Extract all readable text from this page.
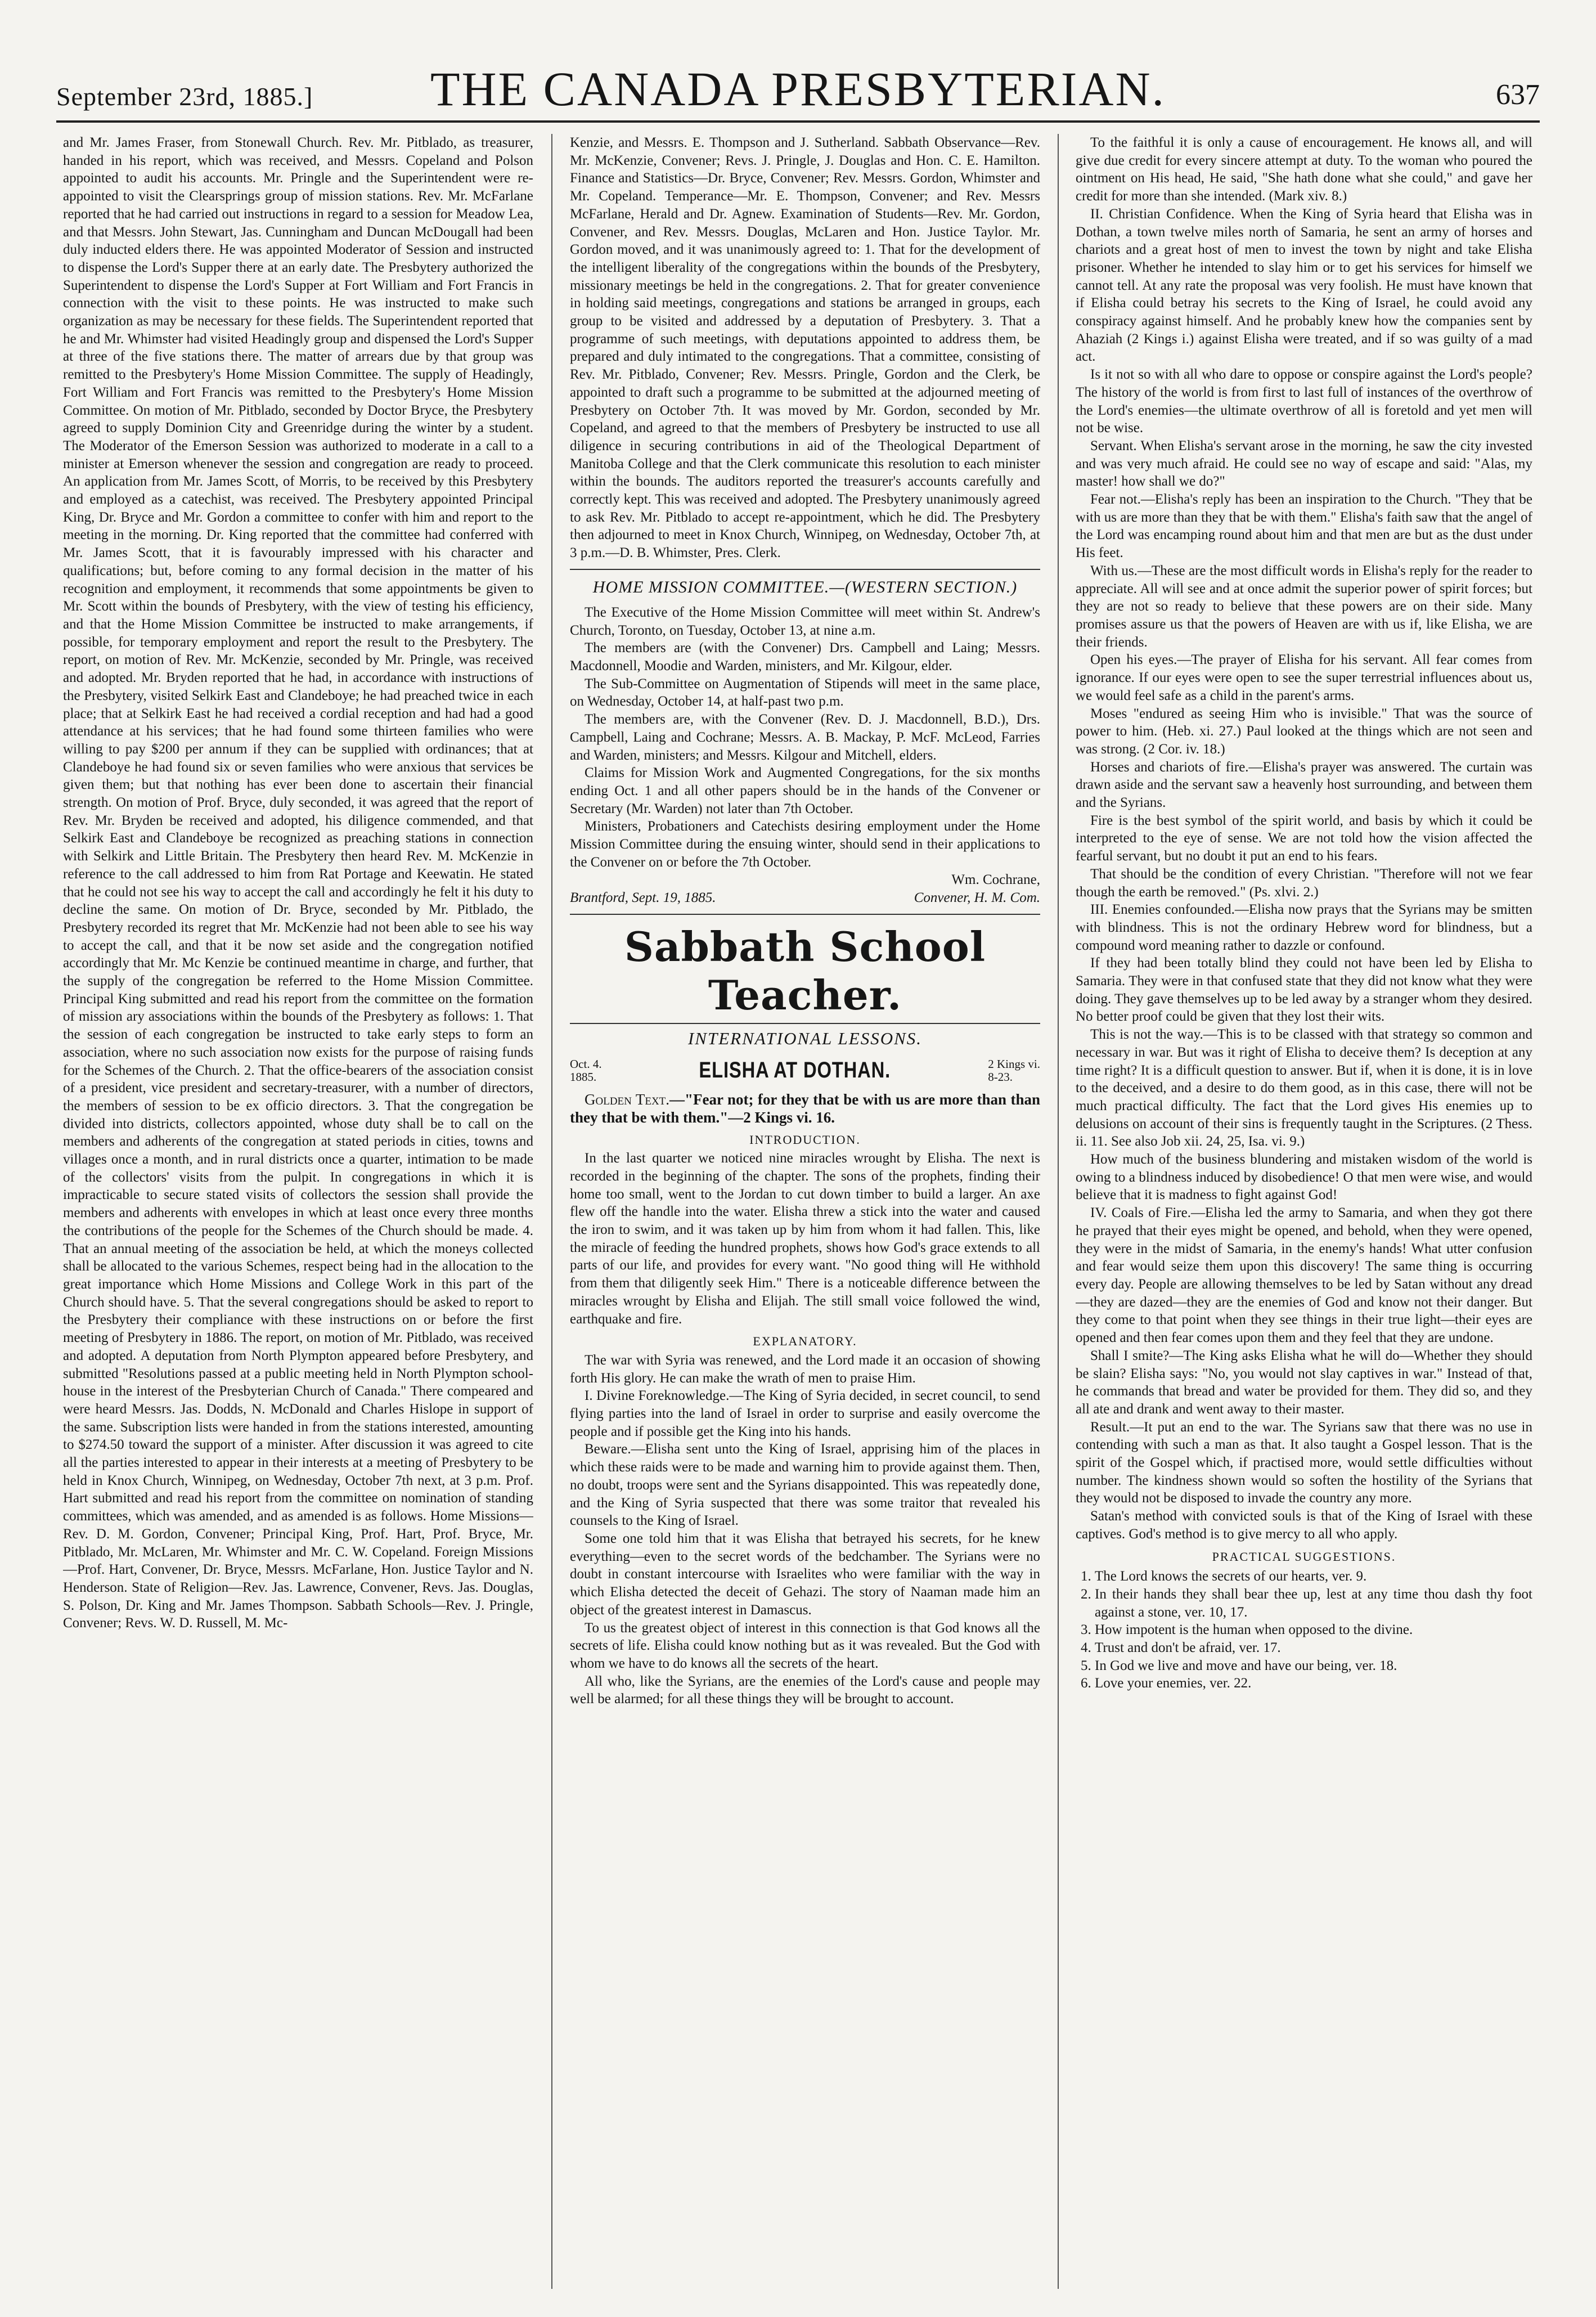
September 23rd, 1885.]	THE CANADA PRESBYTERIAN.	637

and Mr. James Fraser, from Stonewall Church. Rev. Mr. Pitblado, as treasurer, handed in his report, which was received, and Messrs. Copeland and Polson appointed to audit his accounts. Mr. Pringle and the Superintendent were re-appointed to visit the Clearsprings group of mission stations. Rev. Mr. McFarlane reported that he had carried out instructions in regard to a session for Meadow Lea, and that Messrs. John Stewart, Jas. Cunningham and Duncan McDougall had been duly inducted elders there. He was appointed Moderator of Session and instructed to dispense the Lord's Supper there at an early date. The Presbytery authorized the Superintendent to dispense the Lord's Supper at Fort William and Fort Francis in connection with the visit to these points. He was instructed to make such organization as may be necessary for these fields. The Superintendent reported that he and Mr. Whimster had visited Headingly group and dispensed the Lord's Supper at three of the five stations there. The matter of arrears due by that group was remitted to the Presbytery's Home Mission Committee. The supply of Headingly, Fort William and Fort Francis was remitted to the Presbytery's Home Mission Committee. On motion of Mr. Pitblado, seconded by Doctor Bryce, the Presbytery agreed to supply Dominion City and Greenridge during the winter by a student. The Moderator of the Emerson Session was authorized to moderate in a call to a minister at Emerson whenever the session and congregation are ready to proceed. An application from Mr. James Scott, of Morris, to be received by this Presbytery and employed as a catechist, was received. The Presbytery appointed Principal King, Dr. Bryce and Mr. Gordon a committee to confer with him and report to the meeting in the morning. Dr. King reported that the committee had conferred with Mr. James Scott, that it is favourably impressed with his character and qualifications; but, before coming to any formal decision in the matter of his recognition and employment, it recommends that some appointments be given to Mr. Scott within the bounds of Presbytery, with the view of testing his efficiency, and that the Home Mission Committee be instructed to make arrangements, if possible, for temporary employment and report the result to the Presbytery. The report, on motion of Rev. Mr. McKenzie, seconded by Mr. Pringle, was received and adopted. Mr. Bryden reported that he had, in accordance with instructions of the Presbytery, visited Selkirk East and Clandeboye; he had preached twice in each place; that at Selkirk East he had received a cordial reception and had had a good attendance at his services; that he had found some thirteen families who were willing to pay $200 per annum if they can be supplied with ordinances; that at Clandeboye he had found six or seven families who were anxious that services be given them; but that nothing has ever been done to ascertain their financial strength. On motion of Prof. Bryce, duly seconded, it was agreed that the report of Rev. Mr. Bryden be received and adopted, his diligence commended, and that Selkirk East and Clandeboye be recognized as preaching stations in connection with Selkirk and Little Britain. The Presbytery then heard Rev. M. McKenzie in reference to the call addressed to him from Rat Portage and Keewatin. He stated that he could not see his way to accept the call and accordingly he felt it his duty to decline the same. On motion of Dr. Bryce, seconded by Mr. Pitblado, the Presbytery recorded its regret that Mr. McKenzie had not been able to see his way to accept the call, and that it be now set aside and the congregation notified accordingly that Mr. Mc Kenzie be continued meantime in charge, and further, that the supply of the congregation be referred to the Home Mission Committee. Principal King submitted and read his report from the committee on the formation of mission ary associations within the bounds of the Presbytery as follows: 1. That the session of each congregation be instructed to take early steps to form an association, where no such association now exists for the purpose of raising funds for the Schemes of the Church. 2. That the office-bearers of the association consist of a president, vice president and secretary-treasurer, with a number of directors, the members of session to be ex officio directors. 3. That the congregation be divided into districts, collectors appointed, whose duty shall be to call on the members and adherents of the congregation at stated periods in cities, towns and villages once a month, and in rural districts once a quarter, intimation to be made of the collectors' visits from the pulpit. In congregations in which it is impracticable to secure stated visits of collectors the session shall provide the members and adherents with envelopes in which at least once every three months the contributions of the people for the Schemes of the Church should be made. 4. That an annual meeting of the association be held, at which the moneys collected shall be allocated to the various Schemes, respect being had in the allocation to the great importance which Home Missions and College Work in this part of the Church should have. 5. That the several congregations should be asked to report to the Presbytery their compliance with these instructions on or before the first meeting of Presbytery in 1886. The report, on motion of Mr. Pitblado, was received and adopted. A deputation from North Plympton appeared before Presbytery, and submitted "Resolutions passed at a public meeting held in North Plympton school-house in the interest of the Presbyterian Church of Canada." There compeared and were heard Messrs. Jas. Dodds, N. McDonald and Charles Hislope in support of the same. Subscription lists were handed in from the stations interested, amounting to $274.50 toward the support of a minister. After discussion it was agreed to cite all the parties interested to appear in their interests at a meeting of Presbytery to be held in Knox Church, Winnipeg, on Wednesday, October 7th next, at 3 p.m. Prof. Hart submitted and read his report from the committee on nomination of standing committees, which was amended, and as amended is as follows. Home Missions—Rev. D. M. Gordon, Convener; Principal King, Prof. Hart, Prof. Bryce, Mr. Pitblado, Mr. McLaren, Mr. Whimster and Mr. C. W. Copeland. Foreign Missions—Prof. Hart, Convener, Dr. Bryce, Messrs. McFarlane, Hon. Justice Taylor and N. Henderson. State of Religion—Rev. Jas. Lawrence, Convener, Revs. Jas. Douglas, S. Polson, Dr. King and Mr. James Thompson. Sabbath Schools—Rev. J. Pringle, Convener; Revs. W. D. Russell, M. Mc-

Kenzie, and Messrs. E. Thompson and J. Sutherland. Sabbath Observance—Rev. Mr. McKenzie, Convener; Revs. J. Pringle, J. Douglas and Hon. C. E. Hamilton. Finance and Statistics—Dr. Bryce, Convener; Rev. Messrs. Gordon, Whimster and Mr. Copeland. Temperance—Mr. E. Thompson, Convener; and Rev. Messrs McFarlane, Herald and Dr. Agnew. Examination of Students—Rev. Mr. Gordon, Convener, and Rev. Messrs. Douglas, McLaren and Hon. Justice Taylor. Mr. Gordon moved, and it was unanimously agreed to: 1. That for the development of the intelligent liberality of the congregations within the bounds of the Presbytery, missionary meetings be held in the congregations. 2. That for greater convenience in holding said meetings, congregations and stations be arranged in groups, each group to be visited and addressed by a deputation of Presbytery. 3. That a programme of such meetings, with deputations appointed to address them, be prepared and duly intimated to the congregations. That a committee, consisting of Rev. Mr. Pitblado, Convener; Rev. Messrs. Pringle, Gordon and the Clerk, be appointed to draft such a programme to be submitted at the adjourned meeting of Presbytery on October 7th. It was moved by Mr. Gordon, seconded by Mr. Copeland, and agreed to that the members of Presbytery be instructed to use all diligence in securing contributions in aid of the Theological Department of Manitoba College and that the Clerk communicate this resolution to each minister within the bounds. The auditors reported the treasurer's accounts carefully and correctly kept. This was received and adopted. The Presbytery unanimously agreed to ask Rev. Mr. Pitblado to accept re-appointment, which he did. The Presbytery then adjourned to meet in Knox Church, Winnipeg, on Wednesday, October 7th, at 3 p.m.—D. B. Whimster, Pres. Clerk.

HOME MISSION COMMITTEE.—(WESTERN SECTION.)

The Executive of the Home Mission Committee will meet within St. Andrew's Church, Toronto, on Tuesday, October 13, at nine a.m.

The members are (with the Convener) Drs. Campbell and Laing; Messrs. Macdonnell, Moodie and Warden, ministers, and Mr. Kilgour, elder.

The Sub-Committee on Augmentation of Stipends will meet in the same place, on Wednesday, October 14, at half-past two p.m.

The members are, with the Convener (Rev. D. J. Macdonnell, B.D.), Drs. Campbell, Laing and Cochrane; Messrs. A. B. Mackay, P. McF. McLeod, Farries and Warden, ministers; and Messrs. Kilgour and Mitchell, elders.

Claims for Mission Work and Augmented Congregations, for the six months ending Oct. 1 and all other papers should be in the hands of the Convener or Secretary (Mr. Warden) not later than 7th October.

Ministers, Probationers and Catechists desiring employment under the Home Mission Committee during the ensuing winter, should send in their applications to the Convener on or before the 7th October.

Wm. Cochrane,
Brantford, Sept. 19, 1885.	Convener, H. M. Com.
Sabbath School Teacher.
INTERNATIONAL LESSONS.
Oct. 4.
1885.	ELISHA AT DOTHAN.	2 Kings vi.
8-23.

Golden Text.—"Fear not; for they that be with us are more than than they that be with them."—2 Kings vi. 16.

INTRODUCTION.

In the last quarter we noticed nine miracles wrought by Elisha. The next is recorded in the beginning of the chapter. The sons of the prophets, finding their home too small, went to the Jordan to cut down timber to build a larger. An axe flew off the handle into the water. Elisha threw a stick into the water and caused the iron to swim, and it was taken up by him from whom it had fallen. This, like the miracle of feeding the hundred prophets, shows how God's grace extends to all parts of our life, and provides for every want. "No good thing will He withhold from them that diligently seek Him." There is a noticeable difference between the miracles wrought by Elisha and Elijah. The still small voice followed the wind, earthquake and fire.

EXPLANATORY.

The war with Syria was renewed, and the Lord made it an occasion of showing forth His glory. He can make the wrath of men to praise Him.

I. Divine Foreknowledge.—The King of Syria decided, in secret council, to send flying parties into the land of Israel in order to surprise and easily overcome the people and if possible get the King into his hands.

Beware.—Elisha sent unto the King of Israel, apprising him of the places in which these raids were to be made and warning him to provide against them. Then, no doubt, troops were sent and the Syrians disappointed. This was repeatedly done, and the King of Syria suspected that there was some traitor that revealed his counsels to the King of Israel.

Some one told him that it was Elisha that betrayed his secrets, for he knew everything—even to the secret words of the bedchamber. The Syrians were no doubt in constant intercourse with Israelites who were familiar with the way in which Elisha detected the deceit of Gehazi. The story of Naaman made him an object of the greatest interest in Damascus.

To us the greatest object of interest in this connection is that God knows all the secrets of life. Elisha could know nothing but as it was revealed. But the God with whom we have to do knows all the secrets of the heart.

All who, like the Syrians, are the enemies of the Lord's cause and people may well be alarmed; for all these things they will be brought to account.

To the faithful it is only a cause of encouragement. He knows all, and will give due credit for every sincere attempt at duty. To the woman who poured the ointment on His head, He said, "She hath done what she could," and gave her credit for more than she intended. (Mark xiv. 8.)

II. Christian Confidence. When the King of Syria heard that Elisha was in Dothan, a town twelve miles north of Samaria, he sent an army of horses and chariots and a great host of men to invest the town by night and take Elisha prisoner. Whether he intended to slay him or to get his services for himself we cannot tell. At any rate the proposal was very foolish. He must have known that if Elisha could betray his secrets to the King of Israel, he could avoid any conspiracy against himself. And he probably knew how the companies sent by Ahaziah (2 Kings i.) against Elisha were treated, and if so was guilty of a mad act.

Is it not so with all who dare to oppose or conspire against the Lord's people? The history of the world is from first to last full of instances of the overthrow of the Lord's enemies—the ultimate overthrow of all is foretold and yet men will not be wise.

Servant. When Elisha's servant arose in the morning, he saw the city invested and was very much afraid. He could see no way of escape and said: "Alas, my master! how shall we do?"

Fear not.—Elisha's reply has been an inspiration to the Church. "They that be with us are more than they that be with them." Elisha's faith saw that the angel of the Lord was encamping round about him and that men are but as the dust under His feet.

With us.—These are the most difficult words in Elisha's reply for the reader to appreciate. All will see and at once admit the superior power of spirit forces; but they are not so ready to believe that these powers are on their side. Many promises assure us that the powers of Heaven are with us if, like Elisha, we are their friends.

Open his eyes.—The prayer of Elisha for his servant. All fear comes from ignorance. If our eyes were open to see the super terrestrial influences about us, we would feel safe as a child in the parent's arms.

Moses "endured as seeing Him who is invisible." That was the source of power to him. (Heb. xi. 27.) Paul looked at the things which are not seen and was strong. (2 Cor. iv. 18.)

Horses and chariots of fire.—Elisha's prayer was answered. The curtain was drawn aside and the servant saw a heavenly host surrounding, and between them and the Syrians.

Fire is the best symbol of the spirit world, and basis by which it could be interpreted to the eye of sense. We are not told how the vision affected the fearful servant, but no doubt it put an end to his fears.

That should be the condition of every Christian. "Therefore will not we fear though the earth be removed." (Ps. xlvi. 2.)

III. Enemies confounded.—Elisha now prays that the Syrians may be smitten with blindness. This is not the ordinary Hebrew word for blindness, but a compound word meaning rather to dazzle or confound.

If they had been totally blind they could not have been led by Elisha to Samaria. They were in that confused state that they did not know what they were doing. They gave themselves up to be led away by a stranger whom they desired. No better proof could be given that they lost their wits.

This is not the way.—This is to be classed with that strategy so common and necessary in war. But was it right of Elisha to deceive them? Is deception at any time right? It is a difficult question to answer. But if, when it is done, it is in love to the deceived, and a desire to do them good, as in this case, there will not be much practical difficulty. The fact that the Lord gives His enemies up to delusions on account of their sins is frequently taught in the Scriptures. (2 Thess. ii. 11. See also Job xii. 24, 25, Isa. vi. 9.)

How much of the business blundering and mistaken wisdom of the world is owing to a blindness induced by disobedience! O that men were wise, and would believe that it is madness to fight against God!

IV. Coals of Fire.—Elisha led the army to Samaria, and when they got there he prayed that their eyes might be opened, and behold, when they were opened, they were in the midst of Samaria, in the enemy's hands! What utter confusion and fear would seize them upon this discovery! The same thing is occurring every day. People are allowing themselves to be led by Satan without any dread—they are dazed—they are the enemies of God and know not their danger. But they come to that point when they see things in their true light—their eyes are opened and then fear comes upon them and they feel that they are undone.

Shall I smite?—The King asks Elisha what he will do—Whether they should be slain? Elisha says: "No, you would not slay captives in war." Instead of that, he commands that bread and water be provided for them. They did so, and they all ate and drank and went away to their master.

Result.—It put an end to the war. The Syrians saw that there was no use in contending with such a man as that. It also taught a Gospel lesson. That is the spirit of the Gospel which, if practised more, would settle difficulties without number. The kindness shown would so soften the hostility of the Syrians that they would not be disposed to invade the country any more.

Satan's method with convicted souls is that of the King of Israel with these captives. God's method is to give mercy to all who apply.

PRACTICAL SUGGESTIONS.
1. The Lord knows the secrets of our hearts, ver. 9.
2. In their hands they shall bear thee up, lest at any time thou dash thy foot against a stone, ver. 10, 17.
3. How impotent is the human when opposed to the divine.
4. Trust and don't be afraid, ver. 17.
5. In God we live and move and have our being, ver. 18.
6. Love your enemies, ver. 22.
